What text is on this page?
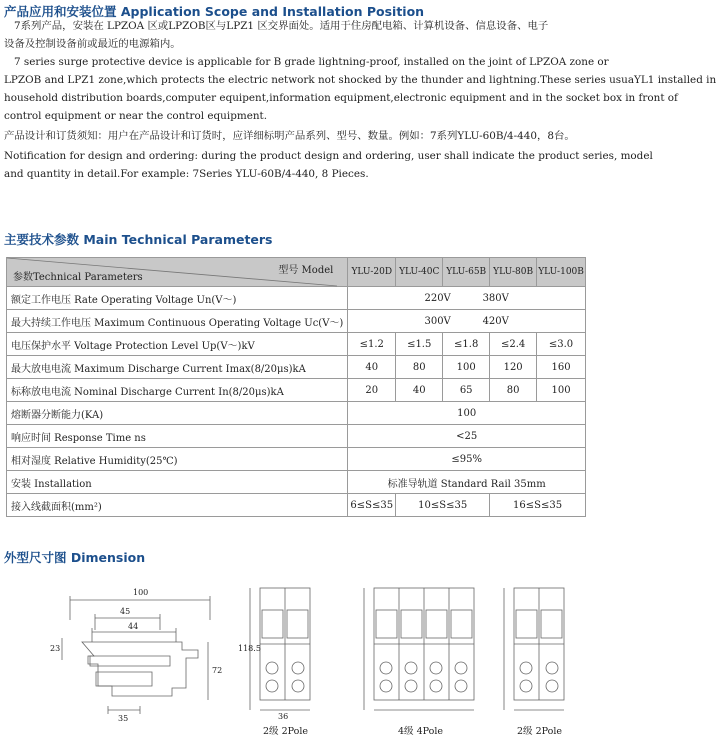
产品应用和安装位置 Application Scope and Installation Position
7系列产品，安装在 LPZOA 区或LPZOB区与LPZ1 区交界面处。适用于住房配电箱、计算机设备、信息设备、电子
设备及控制设备前或最近的电源箱内。
7 series surge protective device is applicable for B grade lightning-proof, installed on the joint of LPZOA zone or
LPZOB and LPZ1 zone,which protects the electric network not shocked by the thunder and lightning.These series usuaYL1 installed in
household distribution boards,computer equipent,information equipment,electronic equipment and in the socket box in front of
control equipment or near the control equipment.
产品设计和订货须知：用户在产品设计和订货时，应详细标明产品系列、型号、数量。例如：7系列YLU-60B/4-440，8台。
Notification for design and ordering: during the product design and ordering, user shall indicate the product series, model
and quantity in detail.For example: 7Series YLU-60B/4-440, 8 Pieces.
主要技术参数 Main Technical Parameters
参数Technical Parameters
型号 Model	YLU-20D	YLU-40C	YLU-65B	YLU-80B	YLU-100B
额定工作电压 Rate Operating Voltage Un(V～)	220V          380V				
最大持续工作电压 Maximum Continuous Operating Voltage Uc(V～)	300V          420V				
电压保护水平 Voltage Protection Level Up(V～)kV	≤1.2	≤1.5	≤1.8	≤2.4	≤3.0
最大放电电流 Maximum Discharge Current Imax(8/20μs)kA	40	80	100	120	160
标称放电电流 Nominal Discharge Current In(8/20μs)kA	20	40	65	80	100
熔断器分断能力(KA)	100				
响应时间 Response Time ns	<25				
相对湿度 Relative Humidity(25℃)	≤95%				
安装 Installation	标准导轨道 Standard Rail 35mm				
接入线截面积(mm²)	6≤S≤35	10≤S≤35		16≤S≤35	
外型尺寸图 Dimension
100
45
44
72
35
23	118.5
36
2级 2Pole	4级 4Pole	2级 2Pole
